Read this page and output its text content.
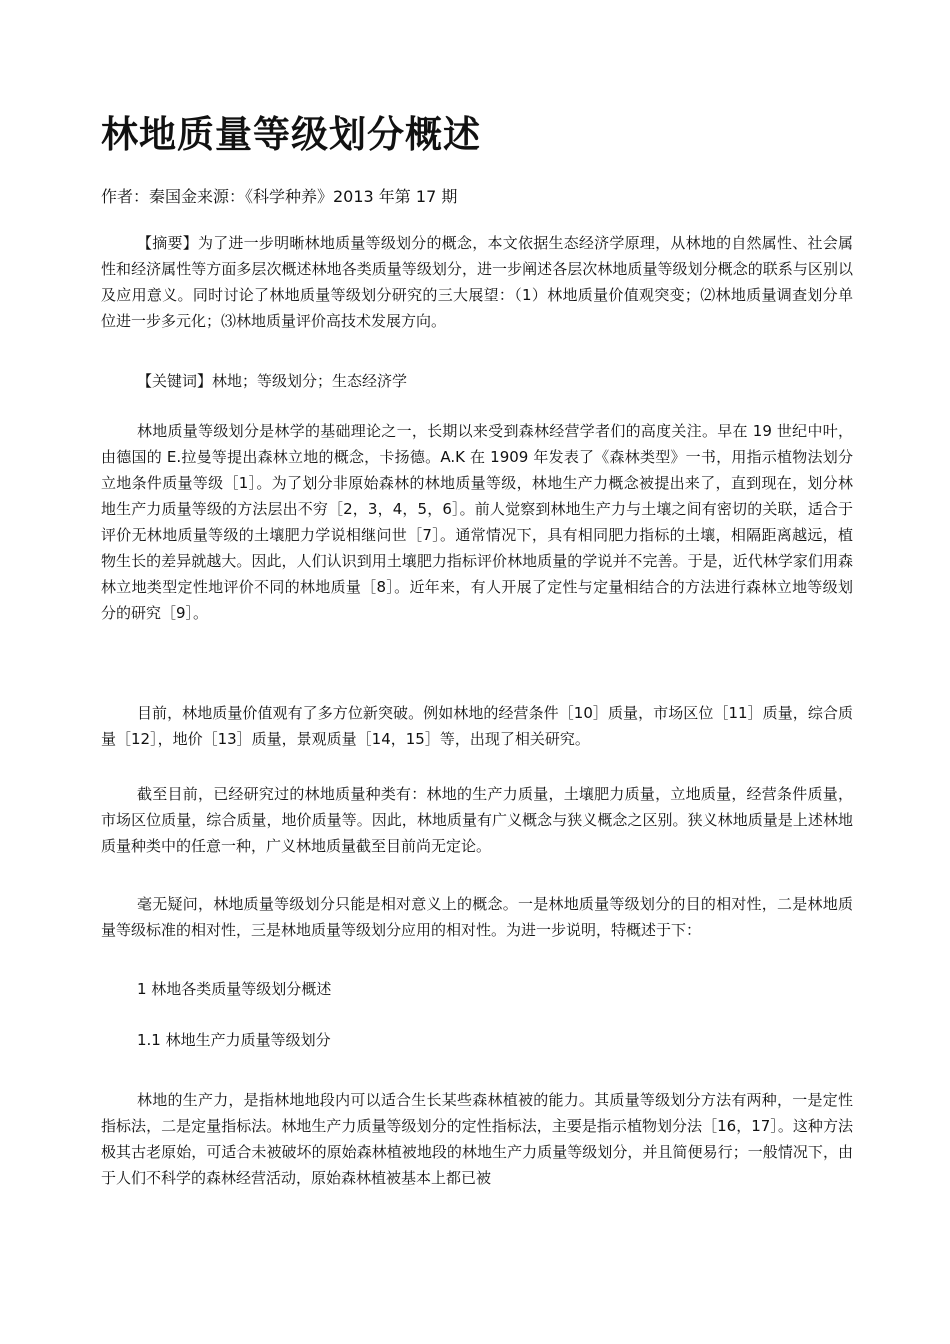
林地质量等级划分概述

作者：秦国金来源：《科学种养》2013 年第 17 期

【摘要】为了进一步明晰林地质量等级划分的概念，本文依据生态经济学原理，从林地的自然属性、社会属性和经济属性等方面多层次概述林地各类质量等级划分，进一步阐述各层次林地质量等级划分概念的联系与区别以及应用意义。同时讨论了林地质量等级划分研究的三大展望：（1）林地质量价值观突变；⑵林地质量调查划分单位进一步多元化；⑶林地质量评价高技术发展方向。

【关键词】林地；等级划分；生态经济学

林地质量等级划分是林学的基础理论之一，长期以来受到森林经营学者们的高度关注。早在 19 世纪中叶，由德国的 E.拉曼等提出森林立地的概念，卡扬德。A.K 在 1909 年发表了《森林类型》一书，用指示植物法划分立地条件质量等级［1］。为了划分非原始森林的林地质量等级，林地生产力概念被提出来了，直到现在，划分林地生产力质量等级的方法层出不穷［2，3，4，5，6］。前人觉察到林地生产力与土壤之间有密切的关联，适合于评价无林地质量等级的土壤肥力学说相继问世［7］。通常情况下，具有相同肥力指标的土壤，相隔距离越远，植物生长的差异就越大。因此，人们认识到用土壤肥力指标评价林地质量的学说并不完善。于是，近代林学家们用森林立地类型定性地评价不同的林地质量［8］。近年来，有人开展了定性与定量相结合的方法进行森林立地等级划分的研究［9］。

目前，林地质量价值观有了多方位新突破。例如林地的经营条件［10］质量，市场区位［11］质量，综合质量［12］，地价［13］质量，景观质量［14，15］等，出现了相关研究。

截至目前，已经研究过的林地质量种类有：林地的生产力质量，土壤肥力质量，立地质量，经营条件质量，市场区位质量，综合质量，地价质量等。因此，林地质量有广义概念与狭义概念之区别。狭义林地质量是上述林地质量种类中的任意一种，广义林地质量截至目前尚无定论。

毫无疑问，林地质量等级划分只能是相对意义上的概念。一是林地质量等级划分的目的相对性，二是林地质量等级标准的相对性，三是林地质量等级划分应用的相对性。为进一步说明，特概述于下：

1 林地各类质量等级划分概述

1.1 林地生产力质量等级划分

林地的生产力，是指林地地段内可以适合生长某些森林植被的能力。其质量等级划分方法有两种，一是定性指标法，二是定量指标法。林地生产力质量等级划分的定性指标法，主要是指示植物划分法［16，17］。这种方法极其古老原始，可适合未被破坏的原始森林植被地段的林地生产力质量等级划分，并且简便易行；一般情况下，由于人们不科学的森林经营活动，原始森林植被基本上都已被
